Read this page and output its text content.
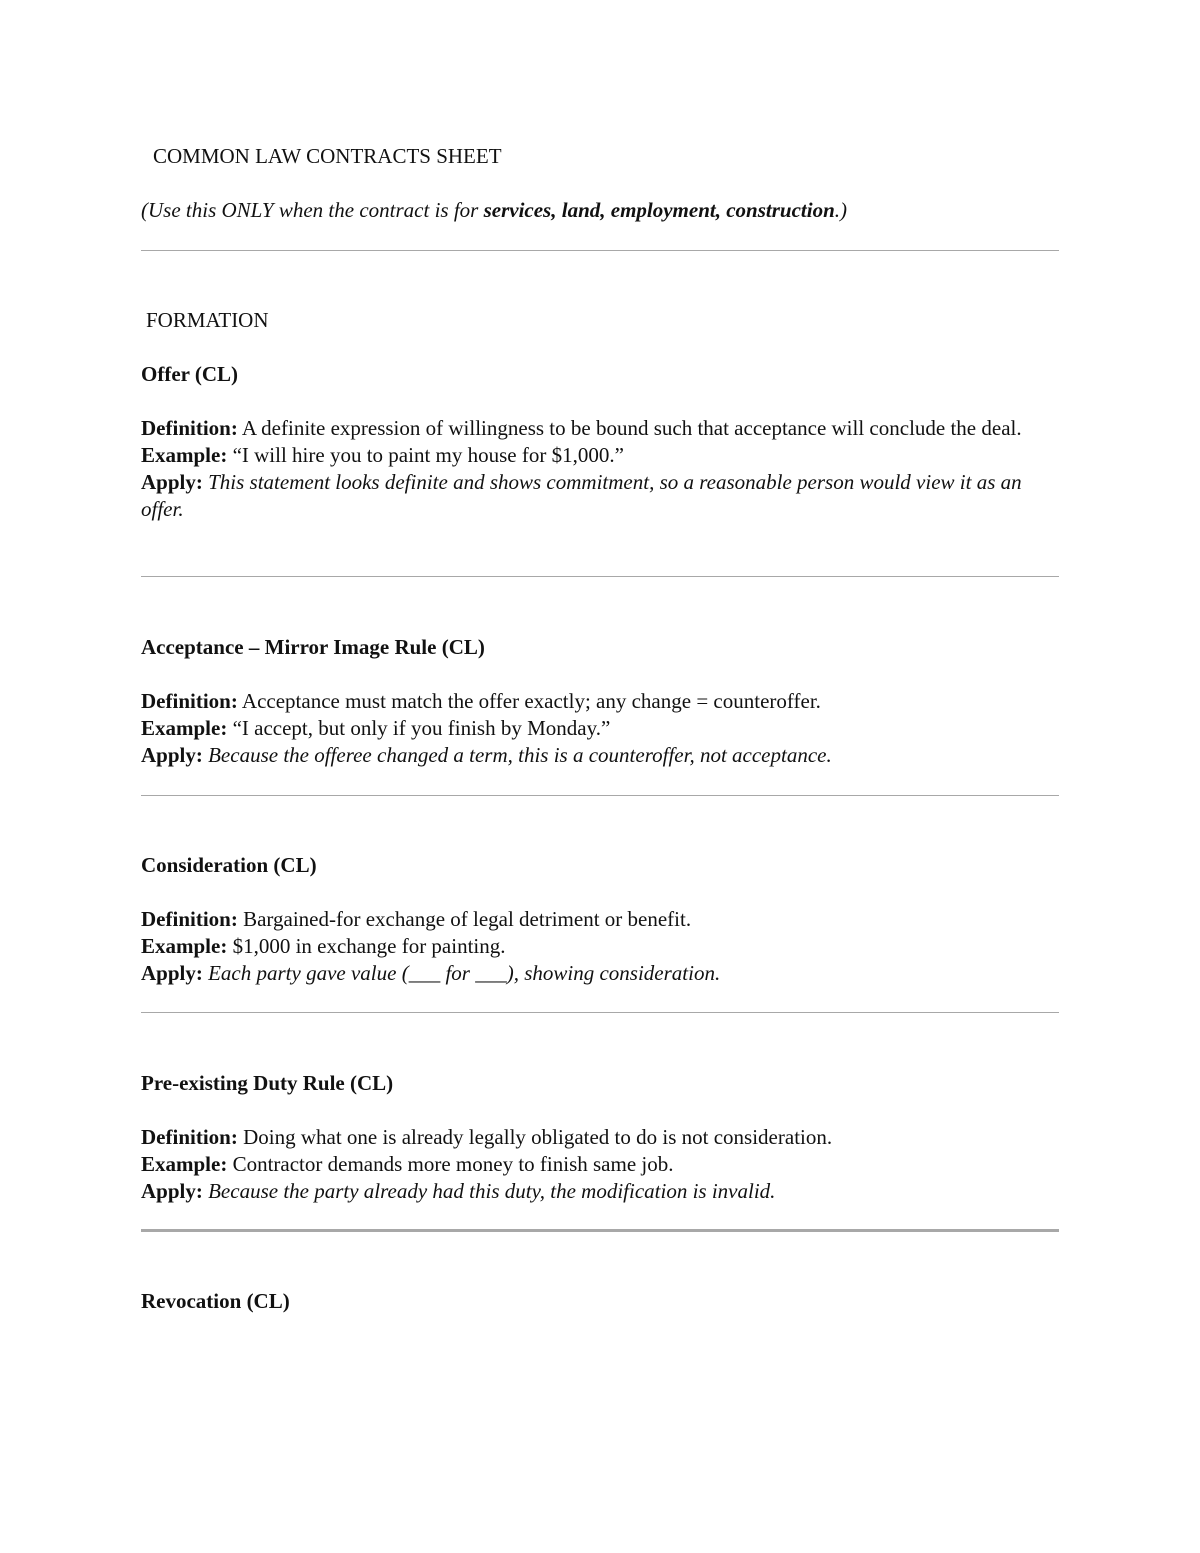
COMMON LAW CONTRACTS SHEET
(Use this ONLY when the contract is for services, land, employment, construction.)
FORMATION
Offer (CL)

Definition: A definite expression of willingness to be bound such that acceptance will conclude the deal.

Example: “I will hire you to paint my house for $1,000.”

Apply: This statement looks definite and shows commitment, so a reasonable person would view it as an offer.

Acceptance – Mirror Image Rule (CL)

Definition: Acceptance must match the offer exactly; any change = counteroffer.

Example: “I accept, but only if you finish by Monday.”

Apply: Because the offeree changed a term, this is a counteroffer, not acceptance.

Consideration (CL)

Definition: Bargained-for exchange of legal detriment or benefit.

Example: $1,000 in exchange for painting.

Apply: Each party gave value (___ for ___), showing consideration.

Pre-existing Duty Rule (CL)

Definition: Doing what one is already legally obligated to do is not consideration.

Example: Contractor demands more money to finish same job.

Apply: Because the party already had this duty, the modification is invalid.

Revocation (CL)
